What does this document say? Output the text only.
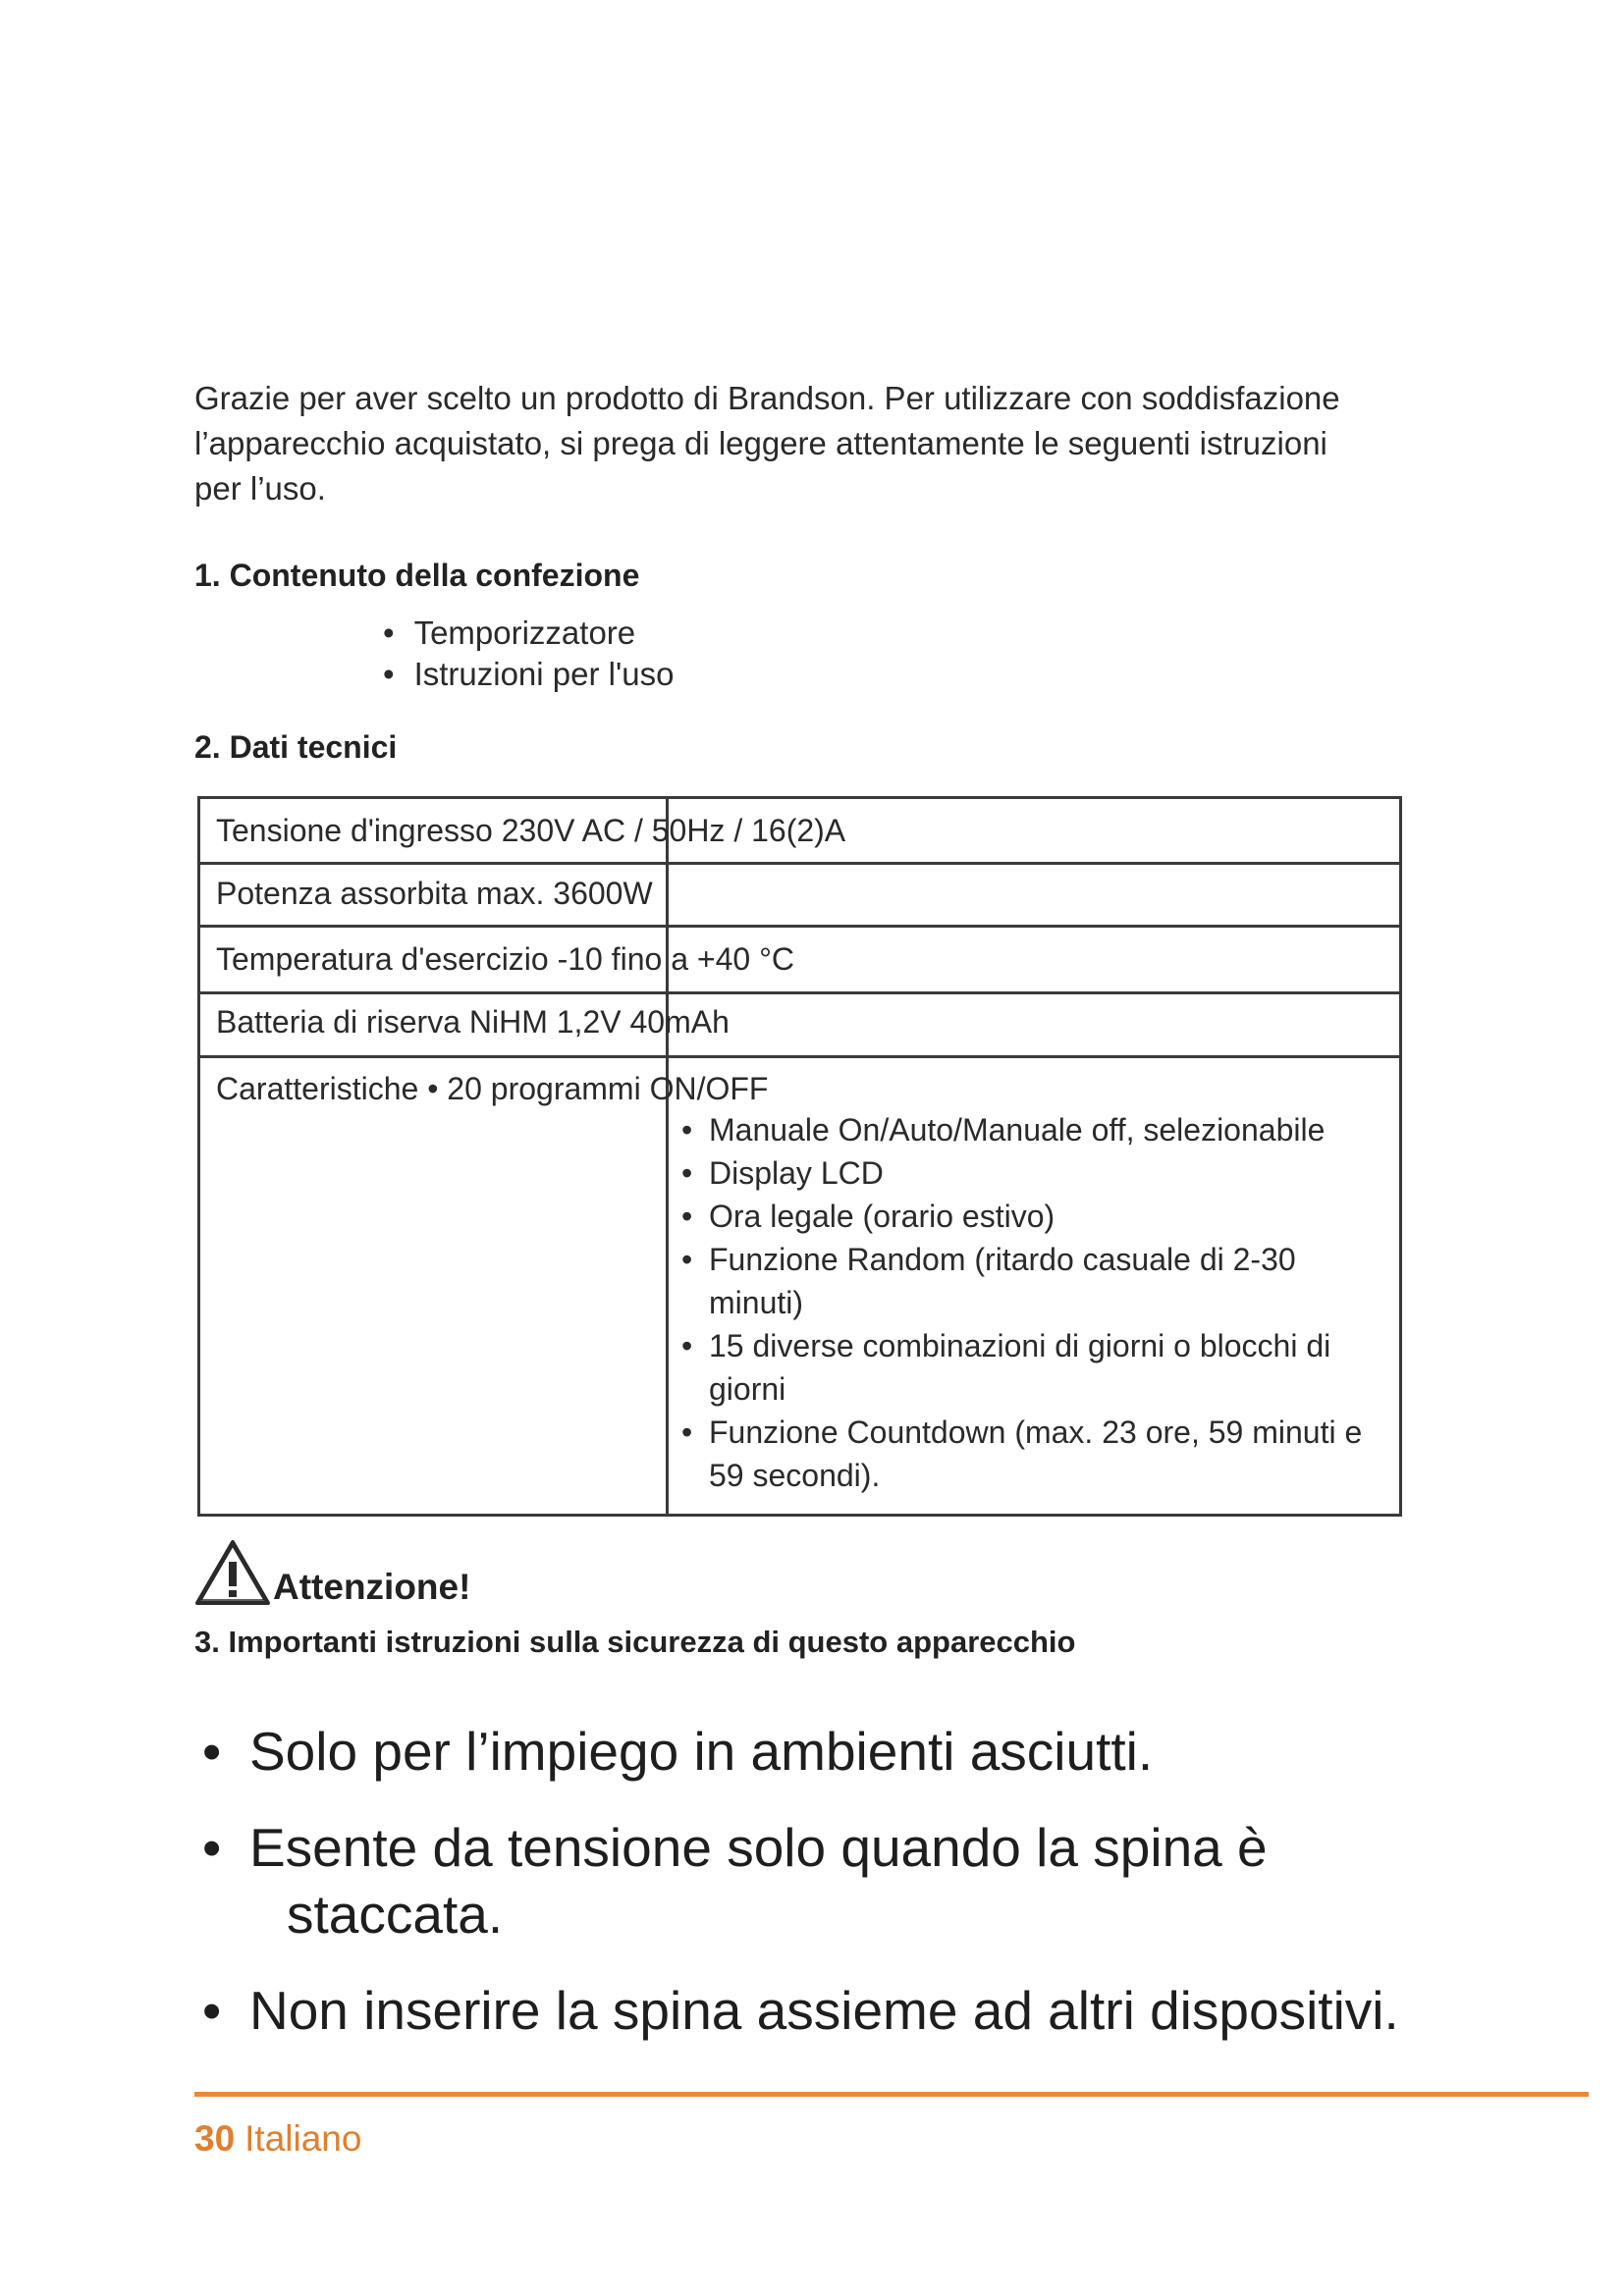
Grazie per aver scelto un prodotto di Brandson. Per utilizzare con soddisfazione
l’apparecchio acquistato, si prega di leggere attentamente le seguenti istruzioni
per l’uso.
1. Contenuto della confezione
• Temporizzatore
• Istruzioni per l'uso
2. Dati tecnici
Tensione d'ingresso 230V AC / 50Hz / 16(2)A
Potenza assorbita max. 3600W
Temperatura d'esercizio -10 fino a +40 °C
Batteria di riserva NiHM 1,2V 40mAh
Caratteristiche • 20 programmi ON/OFF
• Manuale On/Auto/Manuale off, selezionabile
• Display LCD
• Ora legale (orario estivo)
• Funzione Random (ritardo casuale di 2-30 minuti)
• 15 diverse combinazioni di giorni o blocchi di giorni
• Funzione Countdown (max. 23 ore, 59 minuti e 59 secondi).
Attenzione!
3. Importanti istruzioni sulla sicurezza di questo apparecchio
• Solo per l’impiego in ambienti asciutti.
• Esente da tensione solo quando la spina è
staccata.
• Non inserire la spina assieme ad altri dispositivi.
30 Italiano
